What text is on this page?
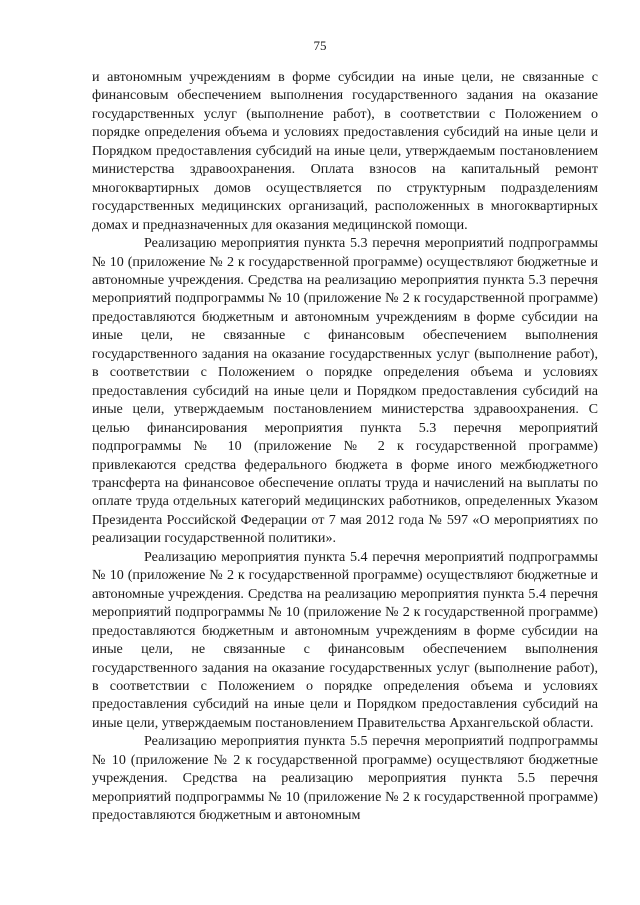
75

и автономным учреждениям в форме субсидии на иные цели, не связанные с финансовым обеспечением выполнения государственного задания на оказание государственных услуг (выполнение работ), в соответствии с Положением о порядке определения объема и условиях предоставления субсидий на иные цели и Порядком предоставления субсидий на иные цели, утверждаемым постановлением министерства здравоохранения. Оплата взносов на капитальный ремонт многоквартирных домов осуществляется по структурным подразделениям государственных медицинских организаций, расположенных в многоквартирных домах и предназначенных для оказания медицинской помощи.

Реализацию мероприятия пункта 5.3 перечня мероприятий подпрограммы № 10 (приложение № 2 к государственной программе) осуществляют бюджетные и автономные учреждения. Средства на реализацию мероприятия пункта 5.3 перечня мероприятий подпрограммы № 10 (приложение № 2 к государственной программе) предоставляются бюджетным и автономным учреждениям в форме субсидии на иные цели, не связанные с финансовым обеспечением выполнения государственного задания на оказание государственных услуг (выполнение работ), в соответствии с Положением о порядке определения объема и условиях предоставления субсидий на иные цели и Порядком предоставления субсидий на иные цели, утверждаемым постановлением министерства здравоохранения. С целью финансирования мероприятия пункта 5.3 перечня мероприятий подпрограммы № 10 (приложение № 2 к государственной программе) привлекаются средства федерального бюджета в форме иного межбюджетного трансферта на финансовое обеспечение оплаты труда и начислений на выплаты по оплате труда отдельных категорий медицинских работников, определенных Указом Президента Российской Федерации от 7 мая 2012 года № 597 «О мероприятиях по реализации государственной политики».

Реализацию мероприятия пункта 5.4 перечня мероприятий подпрограммы № 10 (приложение № 2 к государственной программе) осуществляют бюджетные и автономные учреждения. Средства на реализацию мероприятия пункта 5.4 перечня мероприятий подпрограммы № 10 (приложение № 2 к государственной программе) предоставляются бюджетным и автономным учреждениям в форме субсидии на иные цели, не связанные с финансовым обеспечением выполнения государственного задания на оказание государственных услуг (выполнение работ), в соответствии с Положением о порядке определения объема и условиях предоставления субсидий на иные цели и Порядком предоставления субсидий на иные цели, утверждаемым постановлением Правительства Архангельской области.

Реализацию мероприятия пункта 5.5 перечня мероприятий подпрограммы № 10 (приложение № 2 к государственной программе) осуществляют бюджетные учреждения. Средства на реализацию мероприятия пункта 5.5 перечня мероприятий подпрограммы № 10 (приложение № 2 к государственной программе) предоставляются бюджетным и автономным
